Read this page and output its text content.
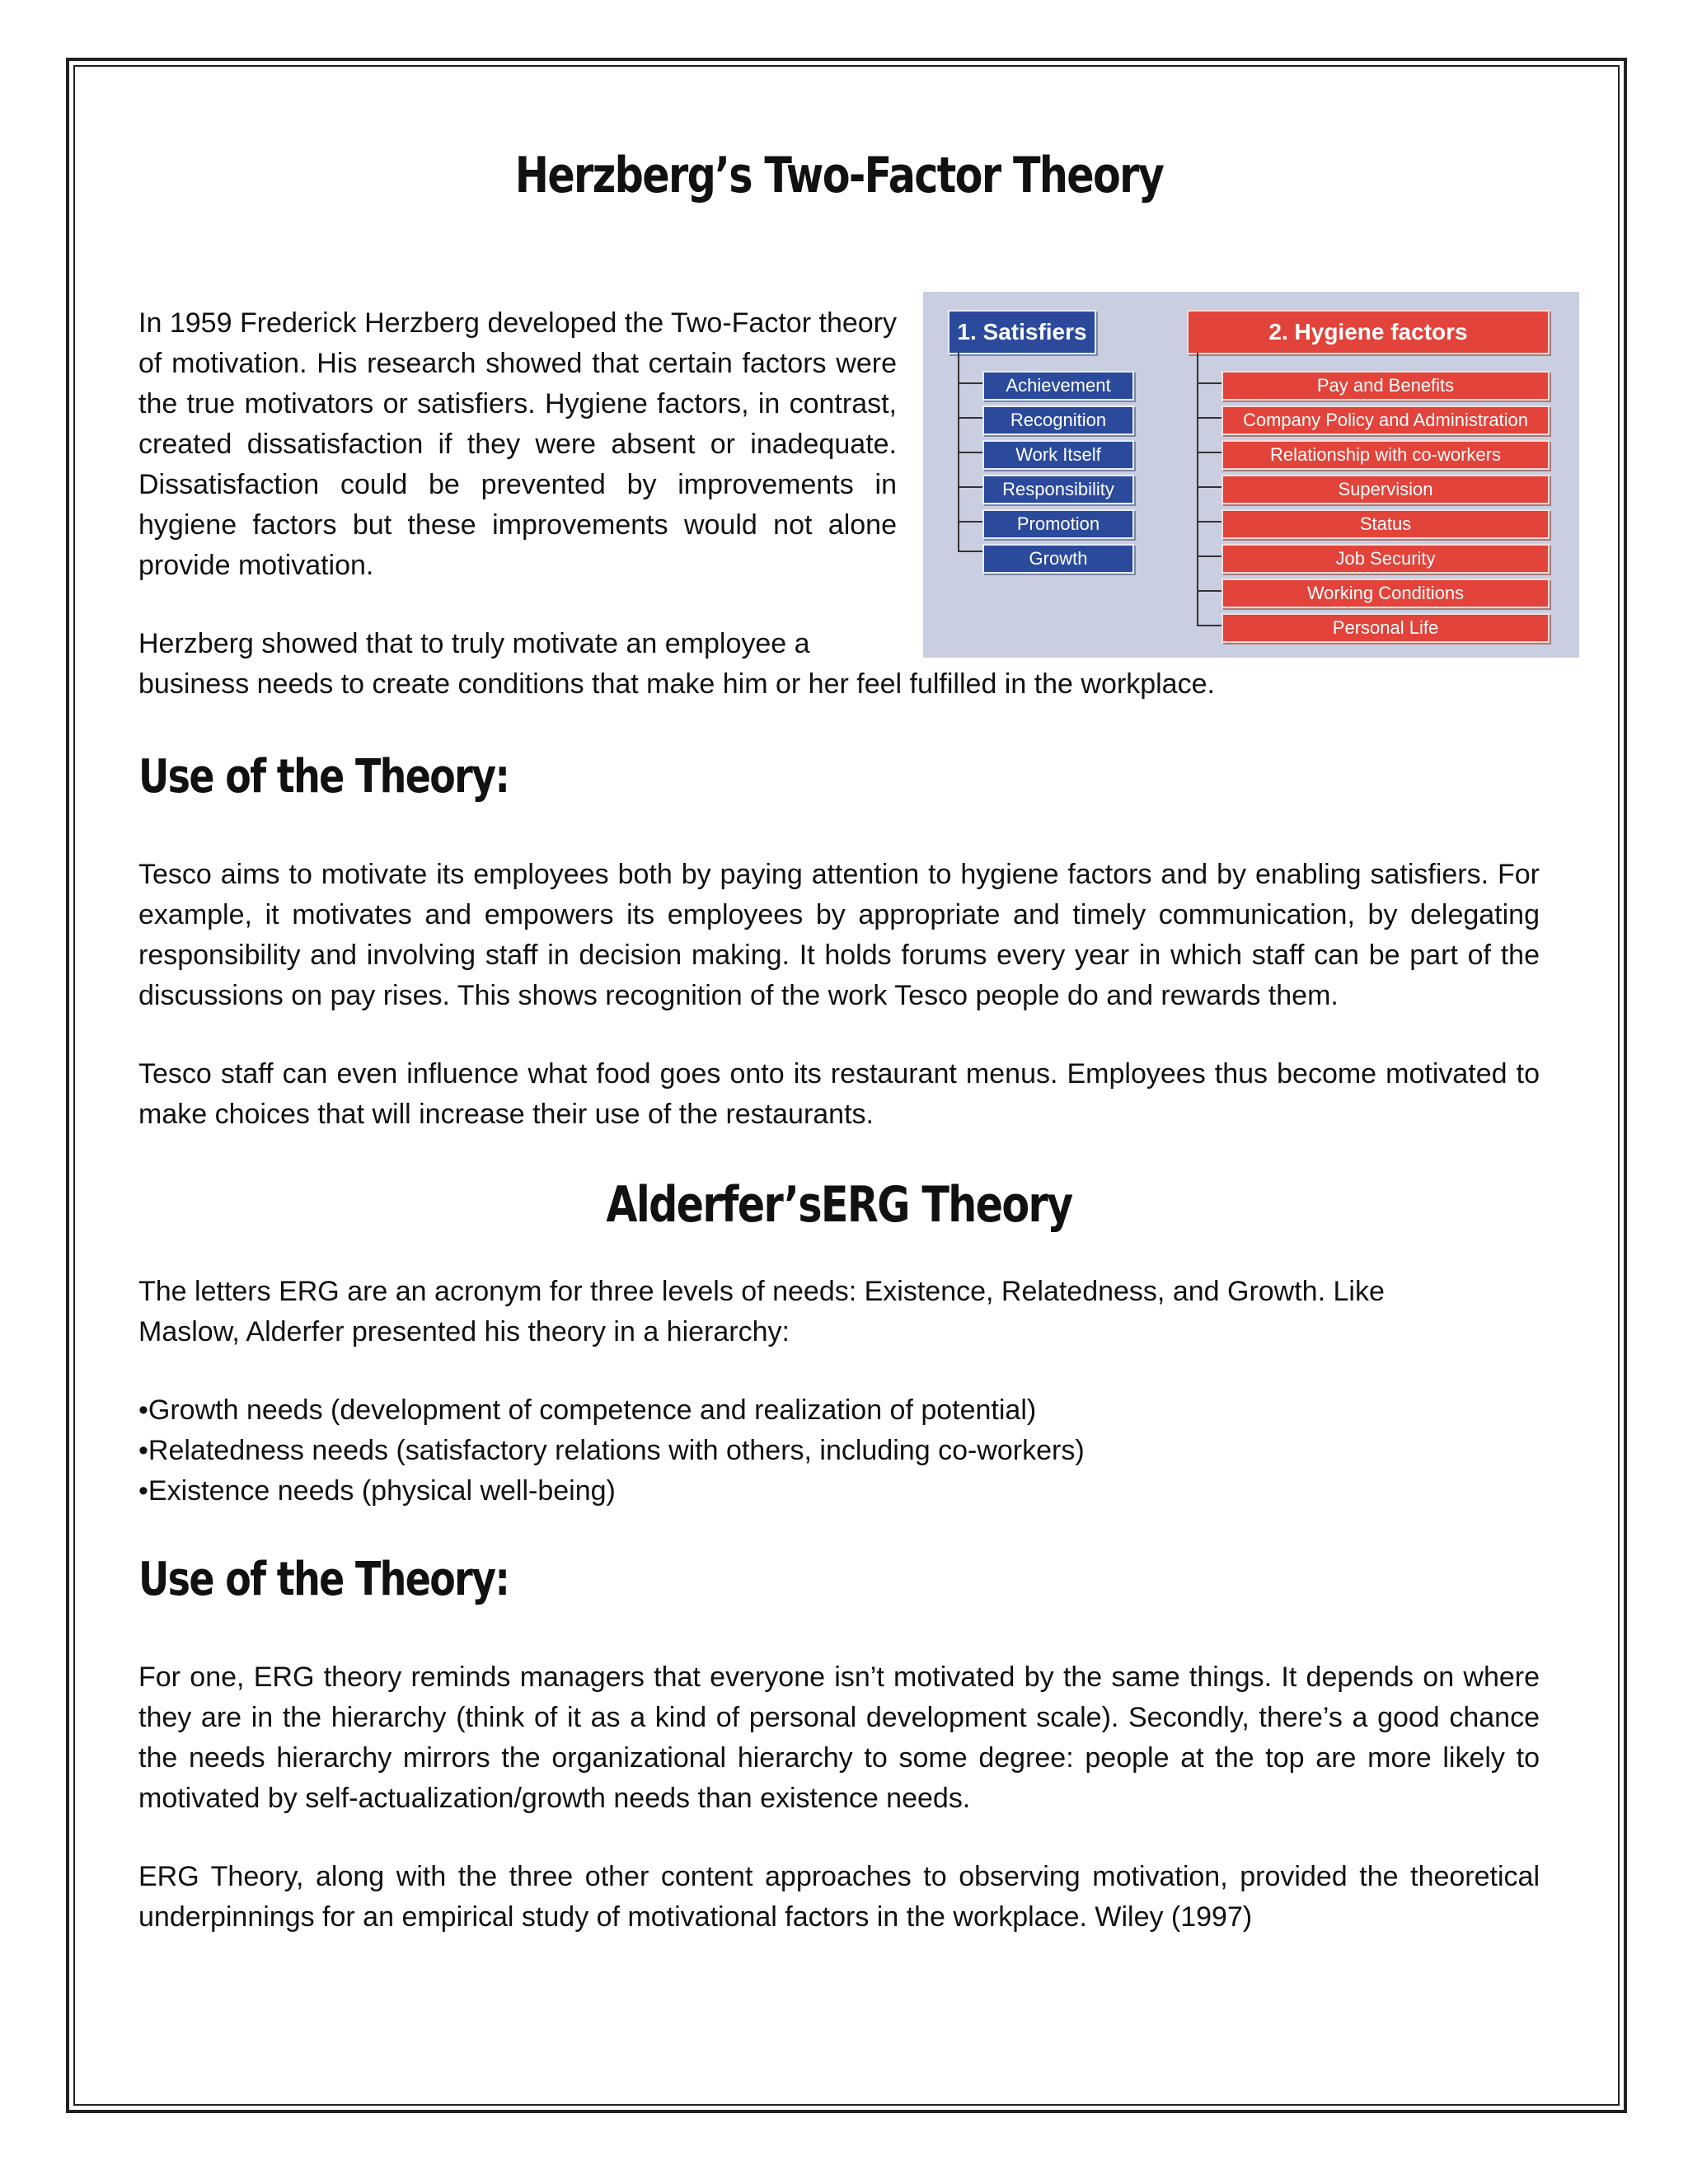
Herzberg’s Two-Factor Theory

In 1959 Frederick Herzberg developed the Two-Factor theory of motivation. His research showed that certain factors were the true motivators or satisfiers. Hygiene factors, in contrast, created dissatisfaction if they were absent or inadequate. Dissatisfaction could be prevented by improvements in hygiene factors but these improvements would not alone provide motivation.

Herzberg showed that to truly motivate an employee a

business needs to create conditions that make him or her feel fulfilled in the workplace.

Use of the Theory:

Tesco aims to motivate its employees both by paying attention to hygiene factors and by enabling satisfiers. For example, it motivates and empowers its employees by appropriate and timely communication, by delegating responsibility and involving staff in decision making. It holds forums every year in which staff can be part of the discussions on pay rises. This shows recognition of the work Tesco people do and rewards them.

Tesco staff can even influence what food goes onto its restaurant menus. Employees thus become motivated to make choices that will increase their use of the restaurants.

Alderfer’sERG Theory

The letters ERG are an acronym for three levels of needs: Existence, Relatedness, and Growth. Like

Maslow, Alderfer presented his theory in a hierarchy:

• Growth needs (development of competence and realization of potential)
• Relatedness needs (satisfactory relations with others, including co-workers)
• Existence needs (physical well-being)
Use of the Theory:

For one, ERG theory reminds managers that everyone isn’t motivated by the same things. It depends on where they are in the hierarchy (think of it as a kind of personal development scale). Secondly, there’s a good chance the needs hierarchy mirrors the organizational hierarchy to some degree: people at the top are more likely to motivated by self-actualization/growth needs than existence needs.

ERG Theory, along with the three other content approaches to observing motivation, provided the theoretical underpinnings for an empirical study of motivational factors in the workplace. Wiley (1997)

1. Satisfiers
Achievement
Recognition
Work Itself
Responsibility
Promotion
Growth
2. Hygiene factors
Pay and Benefits
Company Policy and Administration
Relationship with co-workers
Supervision
Status
Job Security
Working Conditions
Personal Life
